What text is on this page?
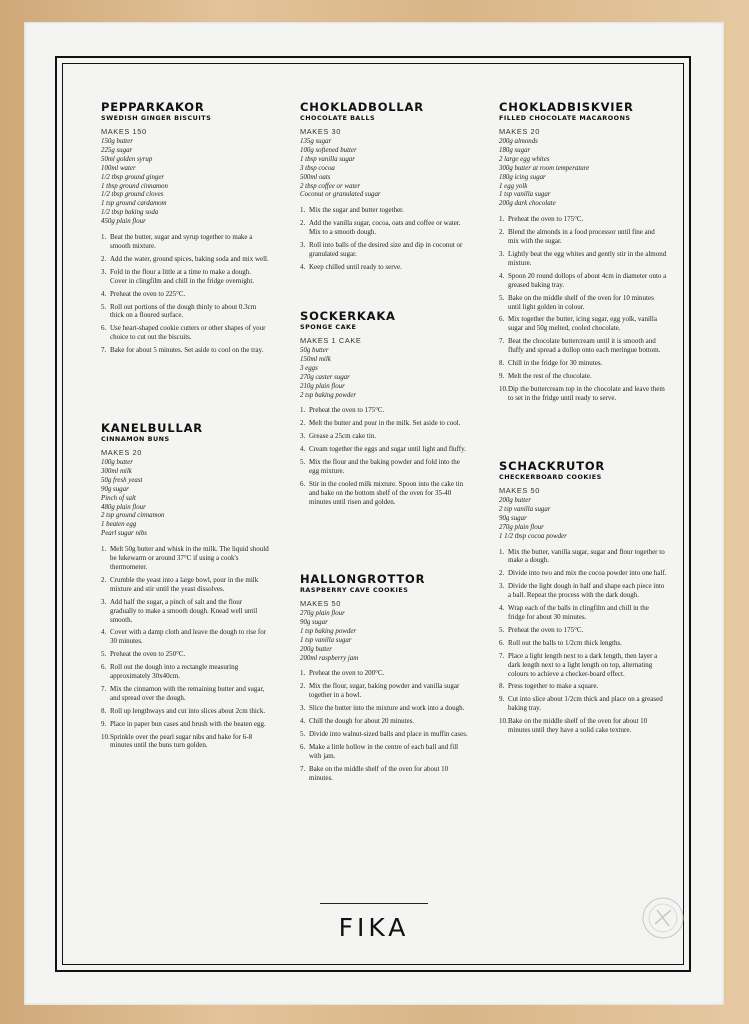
PEPPARKAKOR
SWEDISH GINGER BISCUITS
MAKES 150
150g butter
225g sugar
50ml golden syrup
100ml water
1/2 tbsp ground ginger
1 tbsp ground cinnamon
1/2 tbsp ground cloves
1 tsp ground cardamom
1/2 tbsp baking soda
450g plain flour
1. Beat the butter, sugar and syrup together to make a smooth mixture.
2. Add the water, ground spices, baking soda and mix well.
3. Fold in the flour a little at a time to make a dough. Cover in clingfilm and chill in the fridge overnight.
4. Preheat the oven to 225°C.
5. Roll out portions of the dough thinly to about 0.3cm thick on a floured surface.
6. Use heart-shaped cookie cutters or other shapes of your choice to cut out the biscuits.
7. Bake for about 5 minutes. Set aside to cool on the tray.
KANELBULLAR
CINNAMON BUNS
MAKES 20
100g butter
300ml milk
50g fresh yeast
90g sugar
Pinch of salt
480g plain flour
2 tsp ground cinnamon
1 beaten egg
Pearl sugar nibs
1. Melt 50g butter and whisk in the milk. The liquid should be lukewarm or around 37°C if using a cook's thermometer.
2. Crumble the yeast into a large bowl, pour in the milk mixture and stir until the yeast dissolves.
3. Add half the sugar, a pinch of salt and the flour gradually to make a smooth dough. Knead well until smooth.
4. Cover with a damp cloth and leave the dough to rise for 30 minutes.
5. Preheat the oven to 250°C.
6. Roll out the dough into a rectangle measuring approximately 30x40cm.
7. Mix the cinnamon with the remaining butter and sugar, and spread over the dough.
8. Roll up lengthways and cut into slices about 2cm thick.
9. Place in paper bun cases and brush with the beaten egg.
10. Sprinkle over the pearl sugar nibs and bake for 6-8 minutes until the buns turn golden.
CHOKLADBOLLAR
CHOCOLATE BALLS
MAKES 30
135g sugar
100g softened butter
1 tbsp vanilla sugar
3 tbsp cocoa
500ml oats
2 tbsp coffee or water
Coconut or granulated sugar
1. Mix the sugar and butter together.
2. Add the vanilla sugar, cocoa, oats and coffee or water. Mix to a smooth dough.
3. Roll into balls of the desired size and dip in coconut or granulated sugar.
4. Keep chilled until ready to serve.
SOCKERKAKA
SPONGE CAKE
MAKES 1 CAKE
50g butter
150ml milk
3 eggs
270g caster sugar
210g plain flour
2 tsp baking powder
1. Preheat the oven to 175°C.
2. Melt the butter and pour in the milk. Set aside to cool.
3. Grease a 25cm cake tin.
4. Cream together the eggs and sugar until light and fluffy.
5. Mix the flour and the baking powder and fold into the egg mixture.
6. Stir in the cooled milk mixture. Spoon into the cake tin and bake on the bottom shelf of the oven for 35-40 minutes until risen and golden.
HALLONGROTTOR
RASPBERRY CAVE COOKIES
MAKES 50
270g plain flour
90g sugar
1 tsp baking powder
1 tsp vanilla sugar
200g butter
200ml raspberry jam
1. Preheat the oven to 200°C.
2. Mix the flour, sugar, baking powder and vanilla sugar together in a bowl.
3. Slice the butter into the mixture and work into a dough.
4. Chill the dough for about 20 minutes.
5. Divide into walnut-sized balls and place in muffin cases.
6. Make a little hollow in the centre of each ball and fill with jam.
7. Bake on the middle shelf of the oven for about 10 minutes.
CHOKLADBISKVIER
FILLED CHOCOLATE MACAROONS
MAKES 20
200g almonds
180g sugar
2 large egg whites
300g butter at room temperature
180g icing sugar
1 egg yolk
1 tsp vanilla sugar
200g dark chocolate
1. Preheat the oven to 175°C.
2. Blend the almonds in a food processor until fine and mix with the sugar.
3. Lightly beat the egg whites and gently stir in the almond mixture.
4. Spoon 20 round dollops of about 4cm in diameter onto a greased baking tray.
5. Bake on the middle shelf of the oven for 10 minutes until light golden in colour.
6. Mix together the butter, icing sugar, egg yolk, vanilla sugar and 50g melted, cooled chocolate.
7. Beat the chocolate buttercream until it is smooth and fluffy and spread a dollop onto each meringue bottom.
8. Chill in the fridge for 30 minutes.
9. Melt the rest of the chocolate.
10. Dip the buttercream top in the chocolate and leave them to set in the fridge until ready to serve.
SCHACKRUTOR
CHECKERBOARD COOKIES
MAKES 50
200g butter
2 tsp vanilla sugar
90g sugar
270g plain flour
1 1/2 tbsp cocoa powder
1. Mix the butter, vanilla sugar, sugar and flour together to make a dough.
2. Divide into two and mix the cocoa powder into one half.
3. Divide the light dough in half and shape each piece into a ball. Repeat the process with the dark dough.
4. Wrap each of the balls in clingfilm and chill in the fridge for about 30 minutes.
5. Preheat the oven to 175°C.
6. Roll out the balls to 1/2cm thick lengths.
7. Place a light length next to a dark length, then layer a dark length next to a light length on top, alternating colours to achieve a checker-board effect.
8. Press together to make a square.
9. Cut into slice about 1/2cm thick and place on a greased baking tray.
10. Bake on the middle shelf of the oven for about 10 minutes until they have a solid cake texture.
FIKA
